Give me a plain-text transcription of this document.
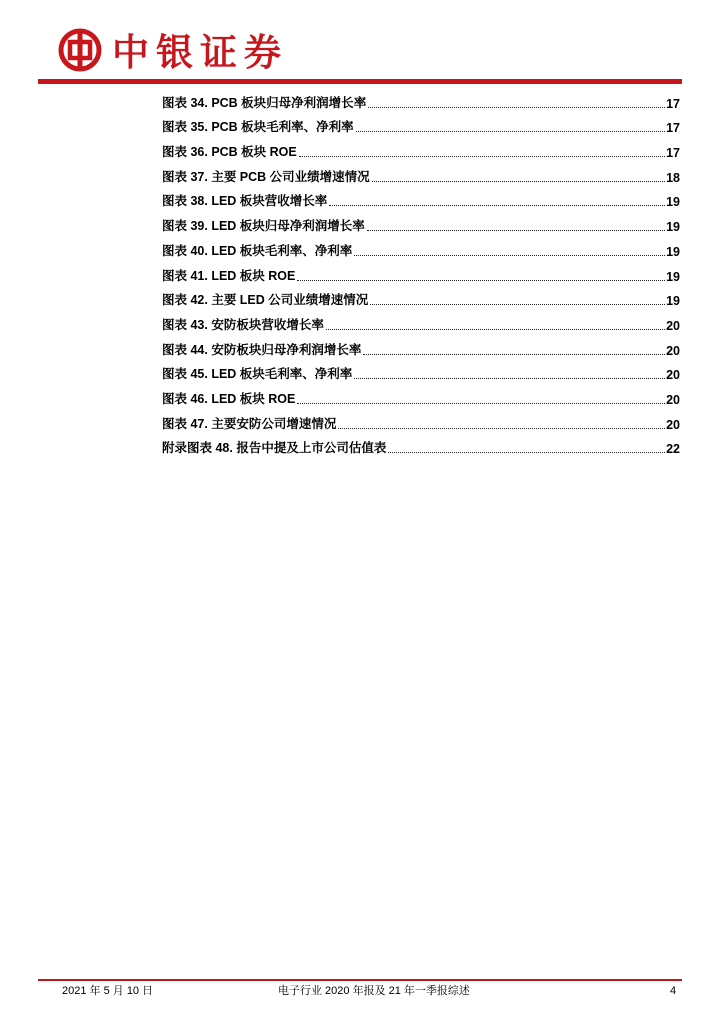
中银证券
图表 34. PCB 板块归母净利润增长率	17
图表 35. PCB 板块毛利率、净利率	17
图表 36. PCB 板块 ROE	17
图表 37. 主要 PCB 公司业绩增速情况	18
图表 38. LED 板块营收增长率	19
图表 39. LED 板块归母净利润增长率	19
图表 40. LED 板块毛利率、净利率	19
图表 41. LED 板块 ROE	19
图表 42. 主要 LED 公司业绩增速情况	19
图表 43. 安防板块营收增长率	20
图表 44. 安防板块归母净利润增长率	20
图表 45. LED 板块毛利率、净利率	20
图表 46. LED 板块 ROE	20
图表 47. 主要安防公司增速情况	20
附录图表 48. 报告中提及上市公司估值表	22
2021 年 5 月 10 日	电子行业 2020 年报及 21 年一季报综述	4
